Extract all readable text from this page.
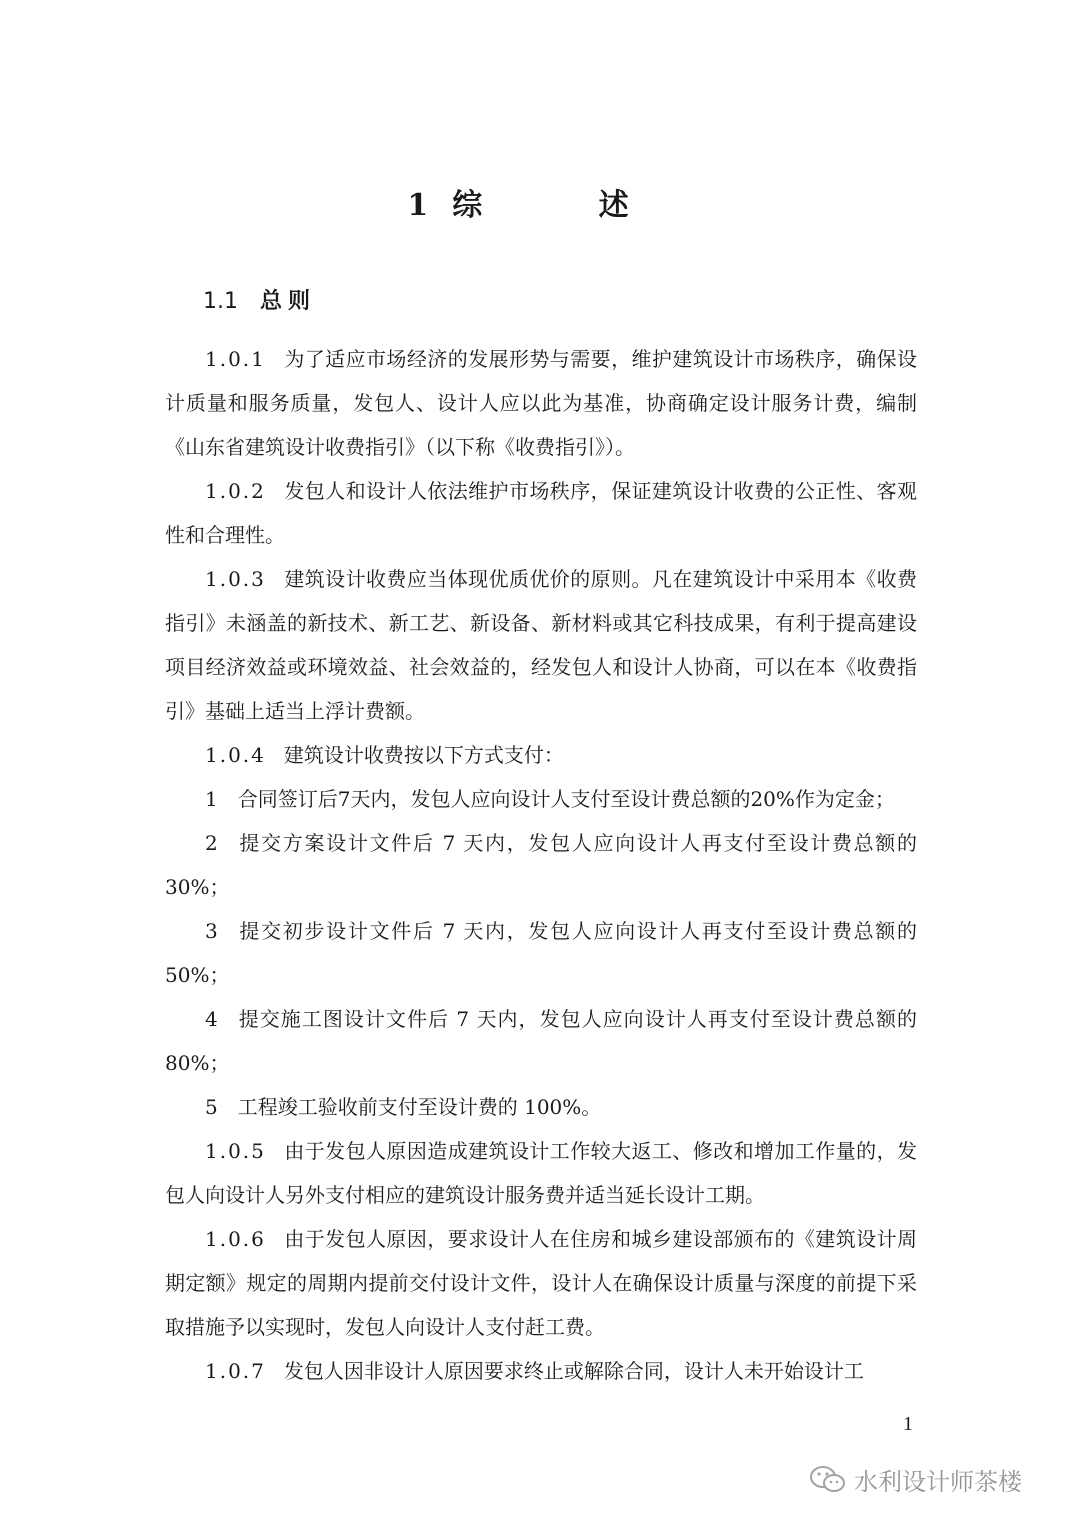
1 综 述
1.1 总则

1.0.1 为了适应市场经济的发展形势与需要，维护建筑设计市场秩序，确保设计质量和服务质量，发包人、设计人应以此为基准，协商确定设计服务计费，编制《山东省建筑设计收费指引》（以下称《收费指引》）。

1.0.2 发包人和设计人依法维护市场秩序，保证建筑设计收费的公正性、客观性和合理性。

1.0.3 建筑设计收费应当体现优质优价的原则。凡在建筑设计中采用本《收费指引》未涵盖的新技术、新工艺、新设备、新材料或其它科技成果，有利于提高建设项目经济效益或环境效益、社会效益的，经发包人和设计人协商，可以在本《收费指引》基础上适当上浮计费额。

1.0.4 建筑设计收费按以下方式支付：

1 合同签订后7天内，发包人应向设计人支付至设计费总额的20%作为定金；

2 提交方案设计文件后 7 天内，发包人应向设计人再支付至设计费总额的30%；

3 提交初步设计文件后 7 天内，发包人应向设计人再支付至设计费总额的50%；

4 提交施工图设计文件后 7 天内，发包人应向设计人再支付至设计费总额的 80%；

5 工程竣工验收前支付至设计费的 100%。

1.0.5 由于发包人原因造成建筑设计工作较大返工、修改和增加工作量的，发包人向设计人另外支付相应的建筑设计服务费并适当延长设计工期。

1.0.6 由于发包人原因，要求设计人在住房和城乡建设部颁布的《建筑设计周期定额》规定的周期内提前交付设计文件，设计人在确保设计质量与深度的前提下采取措施予以实现时，发包人向设计人支付赶工费。

1.0.7 发包人因非设计人原因要求终止或解除合同，设计人未开始设计工

1
水利设计师茶楼
